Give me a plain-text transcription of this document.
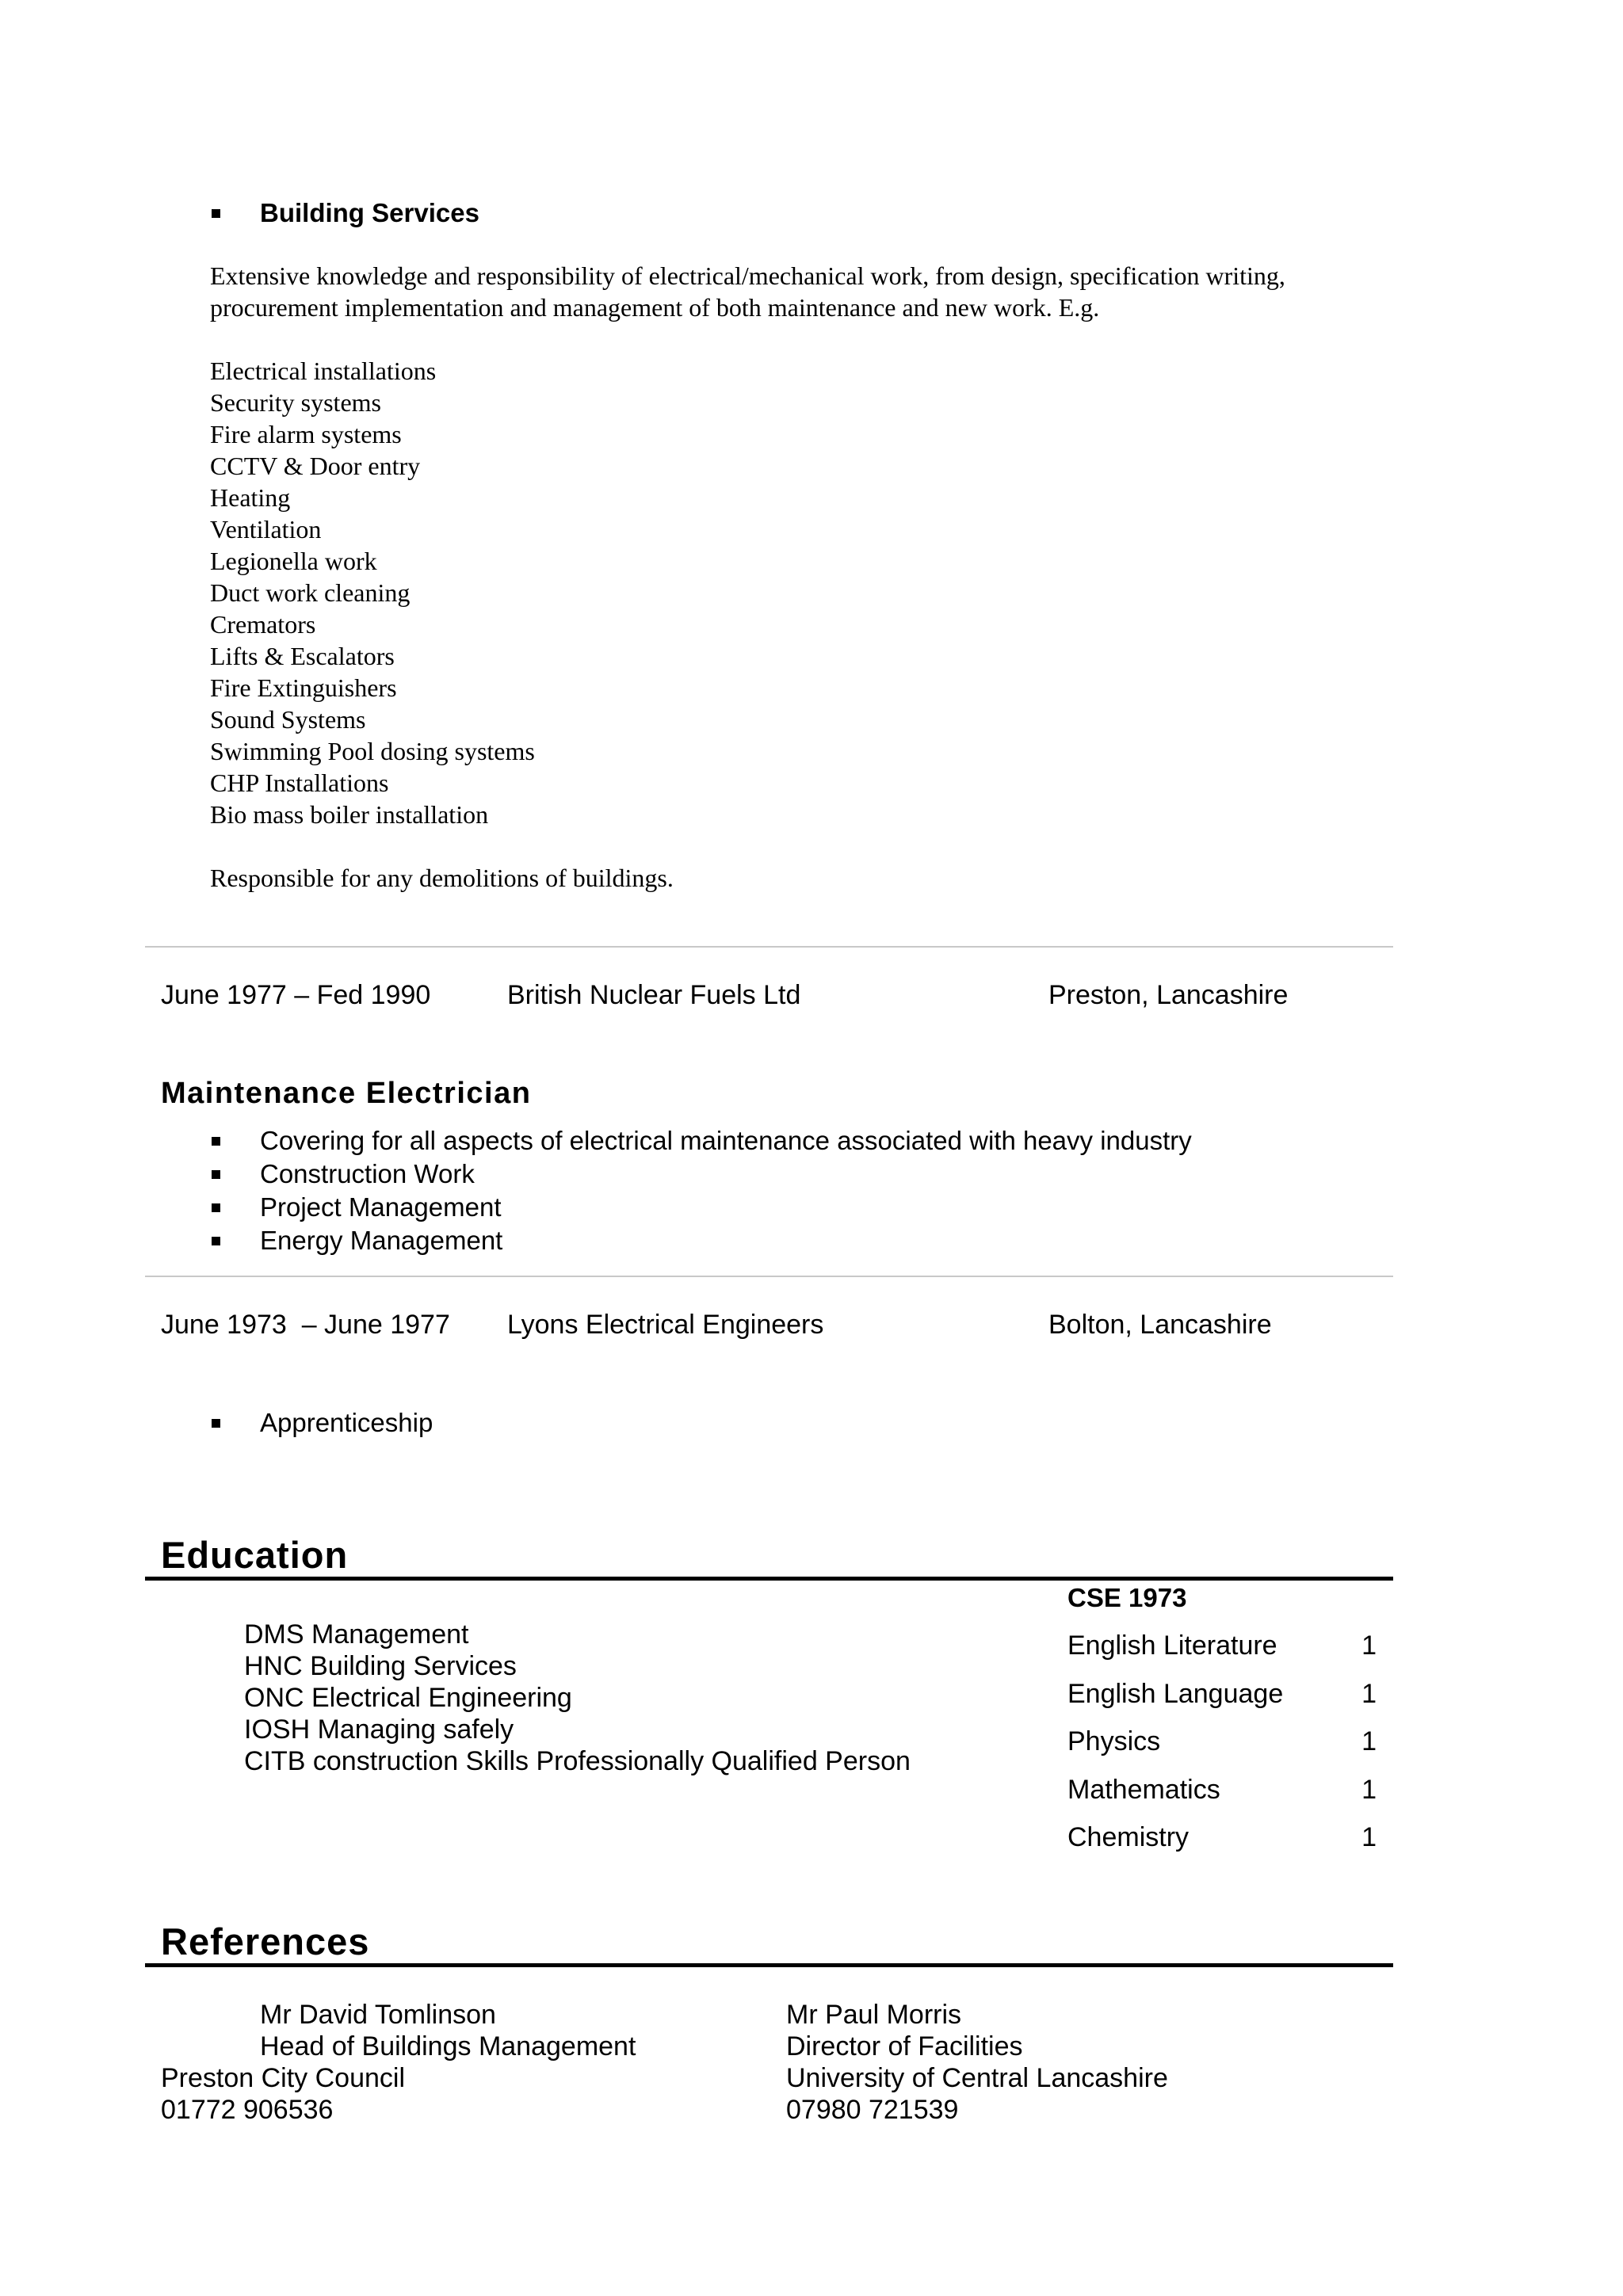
Building Services
Extensive knowledge and responsibility of electrical/mechanical work, from design, specification writing,
procurement implementation and management of both maintenance and new work. E.g.
Electrical installations
Security systems
Fire alarm systems
CCTV & Door entry
Heating
Ventilation
Legionella work
Duct work cleaning
Cremators
Lifts & Escalators
Fire Extinguishers
Sound Systems
Swimming Pool dosing systems
CHP Installations
Bio mass boiler installation
Responsible for any demolitions of buildings.
June 1977 – Fed 1990	British Nuclear Fuels Ltd	Preston, Lancashire
Maintenance Electrician
Covering for all aspects of electrical maintenance associated with heavy industry
Construction Work
Project Management
Energy Management
June 1973  – June 1977 Lyons Electrical Engineers	Bolton, Lancashire
Apprenticeship
Education
DMS Management
HNC Building Services
ONC Electrical Engineering
IOSH Managing safely
CITB construction Skills Professionally Qualified Person
CSE 1973
English Literature	1
English Language	1
Physics	1
Mathematics	1
Chemistry	1
References
Mr David Tomlinson
Head of Buildings Management
Preston City Council
01772 906536
Mr Paul Morris
Director of Facilities
University of Central Lancashire
07980 721539
